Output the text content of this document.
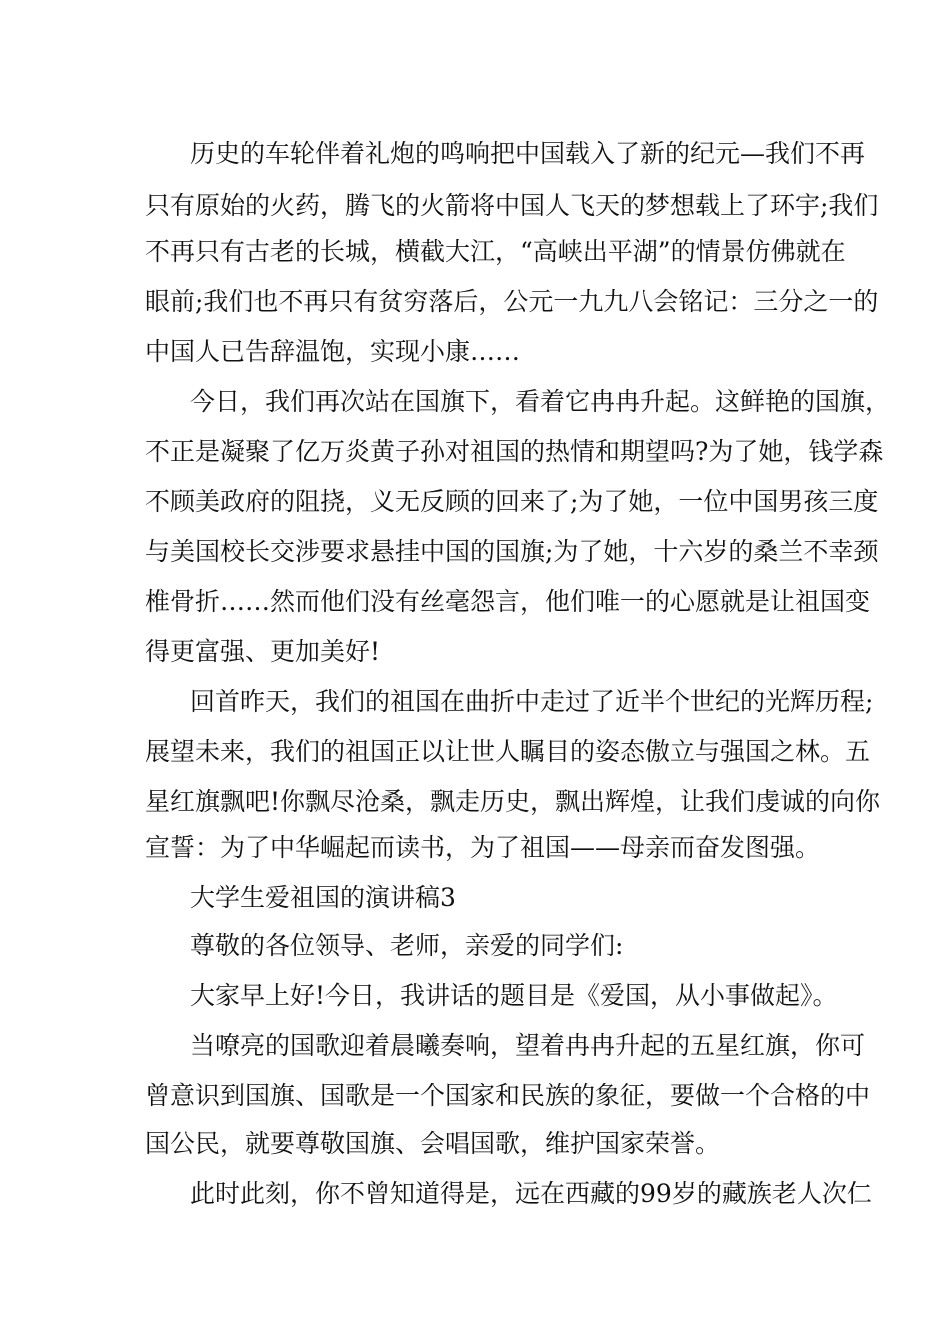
历史的车轮伴着礼炮的鸣响把中国载入了新的纪元—我们不再

只有原始的火药，腾飞的火箭将中国人飞天的梦想载上了环宇;我们

不再只有古老的长城，横截大江，“高峡出平湖”的情景仿佛就在

眼前;我们也不再只有贫穷落后，公元一九九八会铭记：三分之一的

中国人已告辞温饱，实现小康……

今日，我们再次站在国旗下，看着它冉冉升起。这鲜艳的国旗，

不正是凝聚了亿万炎黄子孙对祖国的热情和期望吗?为了她，钱学森

不顾美政府的阻挠，义无反顾的回来了;为了她，一位中国男孩三度

与美国校长交涉要求悬挂中国的国旗;为了她，十六岁的桑兰不幸颈

椎骨折……然而他们没有丝毫怨言，他们唯一的心愿就是让祖国变

得更富强、更加美好!

回首昨天，我们的祖国在曲折中走过了近半个世纪的光辉历程;

展望未来，我们的祖国正以让世人瞩目的姿态傲立与强国之林。五

星红旗飘吧!你飘尽沧桑，飘走历史，飘出辉煌，让我们虔诚的向你

宣誓：为了中华崛起而读书，为了祖国——母亲而奋发图强。

大学生爱祖国的演讲稿3

尊敬的各位领导、老师，亲爱的同学们:

大家早上好!今日，我讲话的题目是《爱国，从小事做起》。

当嘹亮的国歌迎着晨曦奏响，望着冉冉升起的五星红旗，你可

曾意识到国旗、国歌是一个国家和民族的象征，要做一个合格的中

国公民，就要尊敬国旗、会唱国歌，维护国家荣誉。

此时此刻，你不曾知道得是，远在西藏的99岁的藏族老人次仁
